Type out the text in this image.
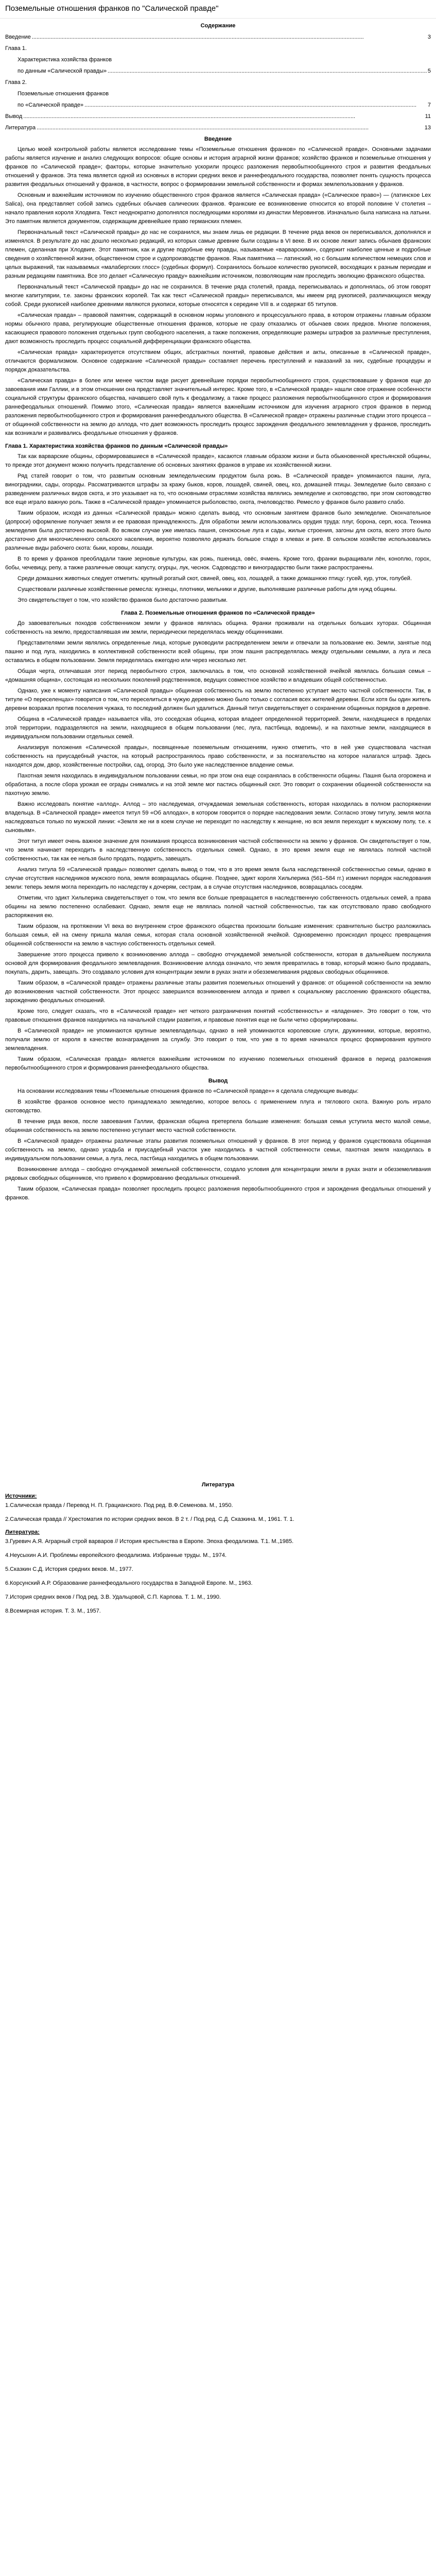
Поземельные отношения франков по "Салической правде"
Содержание
Введение .....	3
Глава 1.
Характеристика хозяйства франков
по данным «Салической правды» .....	5
Глава 2.
Поземельные отношения франков
по «Салической правде» .....	7
Вывод .....	11
Литература .....	13
Введение

Целью моей контрольной работы является исследование темы «Поземельные отношения франков» по «Салической правде». Основными задачами работы является изучение и анализ следующих вопросов: общие основы и история аграрной жизни франков; хозяйство франков и поземельные отношения у франков по «Салической правде»; факторы, которые значительно ускорили процесс разложения первобытнообщинного строя и развития феодальных отношений у франков. Эта тема является одной из основных в истории средних веков и раннефеодального государства, позволяет понять сущность процесса развития феодальных отношений у франков, в частности, вопрос о формировании земельной собственности и формах землепользования у франков.

Основным и важнейшим источником по изучению общественного строя франков является «Салическая правда» («Салическое право») — (латинское Lex Salica), она представляет собой запись судебных обычаев салических франков. Франкские ее возникновение относится ко второй половине V столетия – начало правления короля Хлодвига. Текст неоднократно дополнялся последующими королями из династии Меровингов. Изначально была написана на латыни. Это памятник является документом, содержащим древнейшее право германских племен.

Первоначальный текст «Салической правды» до нас не сохранился, мы знаем лишь ее редакции. В течение ряда веков он переписывался, дополнялся и изменялся. В результате до нас дошло несколько редакций, из которых самые древние были созданы в VI веке. В их основе лежит запись обычаев франкских племен, сделанная при Хлодвиге. Этот памятник, как и другие подобные ему правды, называемые «варварскими», содержит наиболее ценные и подробные сведения о хозяйственной жизни, общественном строе и судопроизводстве франков. Язык памятника — латинский, но с большим количеством немецких слов и целых выражений, так называемых «малабергских глосс» (судебных формул). Сохранилось большое количество рукописей, восходящих к разным периодам и разным редакциям памятника. Все это делает «Салическую правду» важнейшим источником, позволяющим нам проследить эволюцию франкского общества.

Первоначальный текст «Салической правды» до нас не сохранился. В течение ряда столетий, правда, переписывалась и дополнялась, об этом говорят многие капитулярии, т.е. законы франкских королей. Так как текст «Салической правды» переписывался, мы имеем ряд рукописей, различающихся между собой. Среди рукописей наиболее древними являются рукописи, которые относятся к середине VIII в. и содержат 65 титулов.

«Салическая правда» – правовой памятник, содержащий в основном нормы уголовного и процессуального права, в котором отражены главным образом нормы обычного права, регулирующие общественные отношения франков, которые не сразу отказались от обычаев своих предков. Многие положения, касающиеся правового положения отдельных групп свободного населения, а также положения, определяющие размеры штрафов за различные преступления, дают возможность проследить процесс социальной дифференциации франкского общества.

«Салическая правда» характеризуется отсутствием общих, абстрактных понятий, правовые действия и акты, описанные в «Салической правде», отличаются формализмом. Основное содержание «Салической правды» составляет перечень преступлений и наказаний за них, судебные процедуры и порядок доказательства.

«Салическая правда» в более или менее чистом виде рисует древнейшие порядки первобытнообщинного строя, существовавшие у франков еще до завоевания ими Галлии, и в этом отношении она представляет значительный интерес. Кроме того, в «Салической правде» нашли свое отражение особенности социальной структуры франкского общества, начавшего свой путь к феодализму, а также процесс разложения первобытнообщинного строя и формирования раннефеодальных отношений. Помимо этого, «Салическая правда» является важнейшим источником для изучения аграрного строя франков в период разложения первобытнообщинного строя и формирования раннефеодального общества. В «Салической правде» отражены различные стадии этого процесса – от общинной собственности на землю до аллода, что дает возможность проследить процесс зарождения феодального землевладения у франков, проследить как возникали и развивались феодальные отношения у франков.

Глава 1. Характеристика хозяйства франков по данным «Салической правды»

Так как варварские общины, сформировавшиеся в «Салической правде», касаются главным образом жизни и быта обыкновенной крестьянской общины, то прежде этот документ можно получить представление об основных занятиях франков в управе их хозяйственной жизни.

Ряд статей говорит о том, что развитым основным земледельческим продуктом была рожь. В «Салической правде» упоминаются пашни, луга, виноградники, сады, огороды. Рассматриваются штрафы за кражу быков, коров, лошадей, свиней, овец, коз, домашней птицы. Земледелие было связано с разведением различных видов скота, и это указывает на то, что основными отраслями хозяйства являлись земледелие и скотоводство, при этом скотоводство все еще играло важную роль. Также в «Салической правде» упоминается рыболовство, охота, пчеловодство. Ремесло у франков было развито слабо.

Таким образом, исходя из данных «Салической правды» можно сделать вывод, что основным занятием франков было земледелие. Окончательное (допроси) оформление получает земля и ее правовая принадлежность. Для обработки земли использовались орудия труда: плуг, борона, серп, коса. Техника земледелия была достаточно высокой. Во всяком случае уже имелась пашня, сенокосные луга и сады, жилые строения, загоны для скота, всего этого было достаточно для многочисленного сельского населения, вероятно позволяло держать большое стадо в хлевах и риге. В сельском хозяйстве использовались различные виды рабочего скота: быки, коровы, лошади.

В то время у франков преобладали такие зерновые культуры, как рожь, пшеница, овёс, ячмень. Кроме того, франки выращивали лён, коноплю, горох, бобы, чечевицу, репу, а также различные овощи: капусту, огурцы, лук, чеснок. Садоводство и виноградарство были также распространены.

Среди домашних животных следует отметить: крупный рогатый скот, свиней, овец, коз, лошадей, а также домашнюю птицу: гусей, кур, уток, голубей.

Существовали различные хозяйственные ремесла: кузнецы, плотники, мельники и другие, выполнявшие различные работы для нужд общины.

Это свидетельствует о том, что хозяйство франков было достаточно развитым.

Глава 2. Поземельные отношения франков по «Салической правде»

До завоевательных походов собственником земли у франков являлась община. Франки проживали на отдельных больших хуторах. Общинная собственность на землю, предоставлявшая им земли, периодически переделялась между общинниками.

Представителями земли являлись определенные лица, которые руководили распределением земли и отвечали за пользование ею. Земли, занятые под пашню и под луга, находились в коллективной собственности всей общины, при этом пашня распределялась между отдельными семьями, а луга и леса оставались в общем пользовании. Земля переделялась ежегодно или через несколько лет.

Общая черта, отличавшая этот период первобытного строя, заключалась в том, что основной хозяйственной ячейкой являлась большая семья – «домашняя община», состоящая из нескольких поколений родственников, ведущих совместное хозяйство и владевших общей собственностью.

Однако, уже к моменту написания «Салической правды» общинная собственность на землю постепенно уступает место частной собственности. Так, в титуле «О переселенцах» говорится о том, что переселиться в чужую деревню можно было только с согласия всех жителей деревни. Если хотя бы один житель деревни возражал против поселения чужака, то последний должен был удалиться. Данный титул свидетельствует о сохранении общинных порядков в деревне.

Община в «Салической правде» называется villa, это соседская община, которая владеет определенной территорией. Земли, находящиеся в пределах этой территории, подразделяются на земли, находящиеся в общем пользовании (лес, луга, пастбища, водоемы), и на пахотные земли, находящиеся в индивидуальном пользовании отдельных семей.

Анализируя положения «Салической правды», посвященные поземельным отношениям, нужно отметить, что в ней уже существовала частная собственность на приусадебный участок, на который распространялось право собственности, и за посягательство на которое налагался штраф. Здесь находятся дом, двор, хозяйственные постройки, сад, огород. Это было уже наследственное владение семьи.

Пахотная земля находилась в индивидуальном пользовании семьи, но при этом она еще сохранялась в собственности общины. Пашня была огорожена и обработана, а после сбора урожая ее ограды снимались и на этой земле мог пастись общинный скот. Это говорит о сохранении общинной собственности на пахотную землю.

Важно исследовать понятие «аллод». Аллод – это наследуемая, отчуждаемая земельная собственность, которая находилась в полном распоряжении владельца. В «Салической правде» имеется титул 59 «Об аллодах», в котором говорится о порядке наследования земли. Согласно этому титулу, земля могла наследоваться только по мужской линии: «Земля же ни в коем случае не переходит по наследству к женщине, но вся земля переходит к мужскому полу, т.е. к сыновьям».

Этот титул имеет очень важное значение для понимания процесса возникновения частной собственности на землю у франков. Он свидетельствует о том, что земля начинает переходить в наследственную собственность отдельных семей. Однако, в это время земля еще не являлась полной частной собственностью, так как ее нельзя было продать, подарить, завещать.

Анализ титула 59 «Салической правды» позволяет сделать вывод о том, что в это время земля была наследственной собственностью семьи, однако в случае отсутствия наследников мужского пола, земля возвращалась общине. Позднее, эдикт короля Хильперика (561–584 гг.) изменил порядок наследования земли: теперь земля могла переходить по наследству к дочерям, сестрам, а в случае отсутствия наследников, возвращалась соседям.

Отметим, что эдикт Хильперика свидетельствует о том, что земля все больше превращается в наследственную собственность отдельных семей, а права общины на землю постепенно ослабевают. Однако, земля еще не являлась полной частной собственностью, так как отсутствовало право свободного распоряжения ею.

Таким образом, на протяжении VI века во внутреннем строе франкского общества произошли большие изменения: сравнительно быстро разложилась большая семья, ей на смену пришла малая семья, которая стала основной хозяйственной ячейкой. Одновременно происходил процесс превращения общинной собственности на землю в частную собственность отдельных семей.

Завершение этого процесса привело к возникновению аллода – свободно отчуждаемой земельной собственности, которая в дальнейшем послужила основой для формирования феодального землевладения. Возникновение аллода означало, что земля превратилась в товар, который можно было продавать, покупать, дарить, завещать. Это создавало условия для концентрации земли в руках знати и обезземеливания рядовых свободных общинников.

Таким образом, в «Салической правде» отражены различные этапы развития поземельных отношений у франков: от общинной собственности на землю до возникновения частной собственности. Этот процесс завершился возникновением аллода и привел к социальному расслоению франкского общества, зарождению феодальных отношений.

Кроме того, следует сказать, что в «Салической правде» нет четкого разграничения понятий «собственность» и «владение». Это говорит о том, что правовые отношения франков находились на начальной стадии развития, и правовые понятия еще не были четко сформулированы.

В «Салической правде» не упоминаются крупные землевладельцы, однако в ней упоминаются королевские слуги, дружинники, которые, вероятно, получали землю от короля в качестве вознаграждения за службу. Это говорит о том, что уже в то время начинался процесс формирования крупного землевладения.

Таким образом, «Салическая правда» является важнейшим источником по изучению поземельных отношений франков в период разложения первобытнообщинного строя и формирования раннефеодального общества.

Вывод

На основании исследования темы «Поземельные отношения франков по «Салической правде»» я сделала следующие выводы:

В хозяйстве франков основное место принадлежало земледелию, которое велось с применением плуга и тяглового скота. Важную роль играло скотоводство.

В течение ряда веков, после завоевания Галлии, франкская община претерпела большие изменения: большая семья уступила место малой семье, общинная собственность на землю постепенно уступает место частной собственности.

В «Салической правде» отражены различные этапы развития поземельных отношений у франков. В этот период у франков существовала общинная собственность на землю, однако усадьба и приусадебный участок уже находились в частной собственности семьи, пахотная земля находилась в индивидуальном пользовании семьи, а луга, леса, пастбища находились в общем пользовании.

Возникновение аллода – свободно отчуждаемой земельной собственности, создало условия для концентрации земли в руках знати и обезземеливания рядовых свободных общинников, что привело к формированию феодальных отношений.

Таким образом, «Салическая правда» позволяет проследить процесс разложения первобытнообщинного строя и зарождения феодальных отношений у франков.

Литература
Источники:
1.Салическая правда / Перевод Н. П. Грацианского. Под ред. В.Ф.Семенова. М., 1950.
2.Салическая правда // Хрестоматия по истории средних веков. В 2 т. / Под ред. С.Д. Сказкина. М., 1961. Т. 1.
Литература:
3.Гуревич А.Я. Аграрный строй варваров // История крестьянства в Европе. Эпоха феодализма. Т.1. М.,1985.
4.Неусыхин А.И. Проблемы европейского феодализма. Избранные труды. М., 1974.
5.Сказкин С.Д. История средних веков. М., 1977.
6.Корсунский А.Р. Образование раннефеодального государства в Западной Европе. М., 1963.
7.История средних веков / Под ред. З.В. Удальцовой, С.П. Карпова. Т. 1. М., 1990.
8.Всемирная история. Т. 3. М., 1957.
